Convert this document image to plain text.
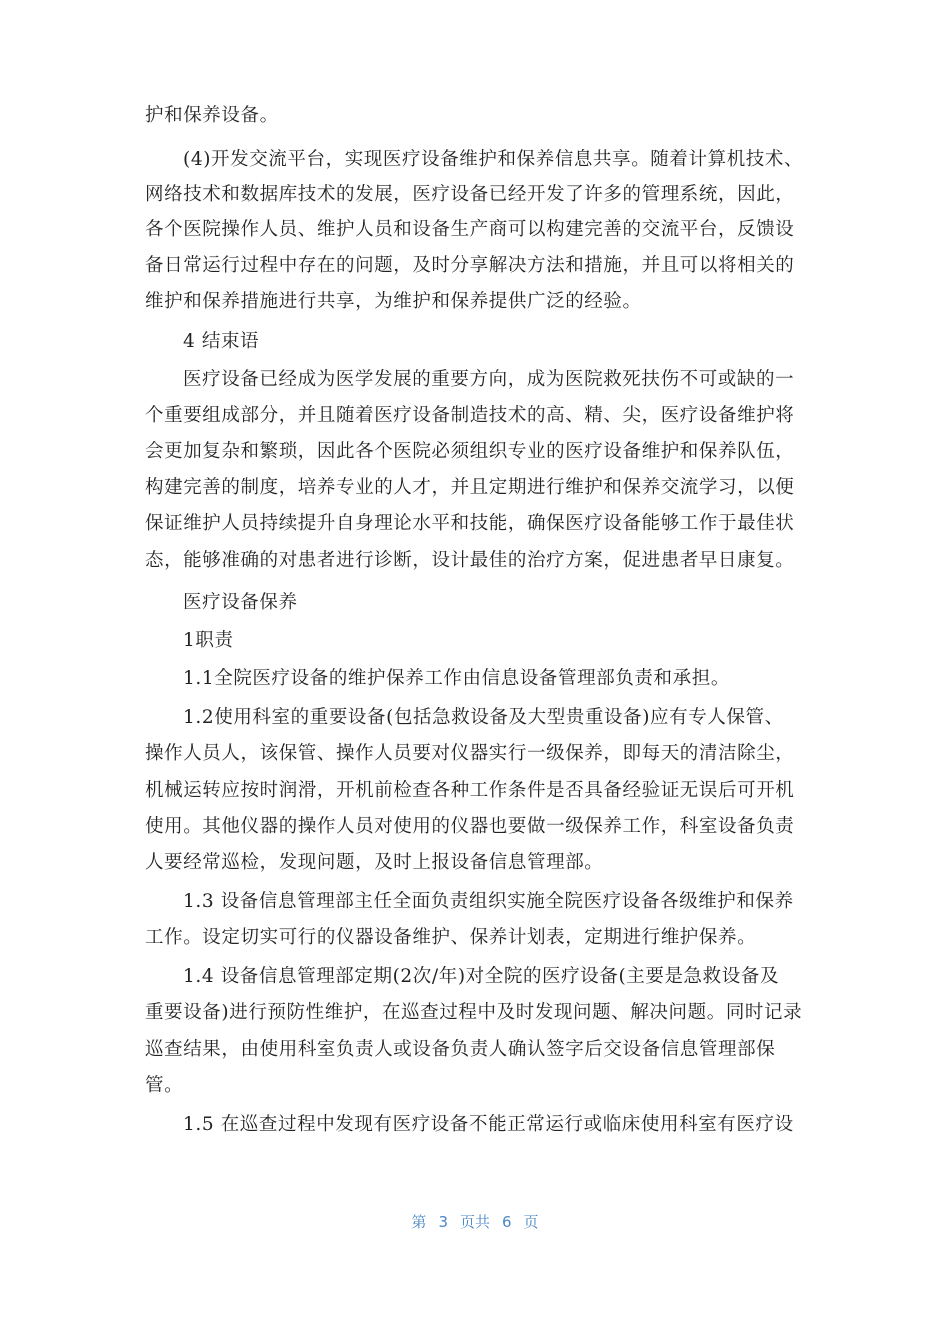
护和保养设备。
(4)开发交流平台，实现医疗设备维护和保养信息共享。随着计算机技术、
网络技术和数据库技术的发展，医疗设备已经开发了许多的管理系统，因此，
各个医院操作人员、维护人员和设备生产商可以构建完善的交流平台，反馈设
备日常运行过程中存在的问题，及时分享解决方法和措施，并且可以将相关的
维护和保养措施进行共享，为维护和保养提供广泛的经验。
4 结束语
医疗设备已经成为医学发展的重要方向，成为医院救死扶伤不可或缺的一
个重要组成部分，并且随着医疗设备制造技术的高、精、尖，医疗设备维护将
会更加复杂和繁琐，因此各个医院必须组织专业的医疗设备维护和保养队伍，
构建完善的制度，培养专业的人才，并且定期进行维护和保养交流学习，以便
保证维护人员持续提升自身理论水平和技能，确保医疗设备能够工作于最佳状
态，能够准确的对患者进行诊断，设计最佳的治疗方案，促进患者早日康复。
医疗设备保养
1职责
1.1全院医疗设备的维护保养工作由信息设备管理部负责和承担。
1.2使用科室的重要设备(包括急救设备及大型贵重设备)应有专人保管、
操作人员人，该保管、操作人员要对仪器实行一级保养，即每天的清洁除尘，
机械运转应按时润滑，开机前检查各种工作条件是否具备经验证无误后可开机
使用。其他仪器的操作人员对使用的仪器也要做一级保养工作，科室设备负责
人要经常巡检，发现问题，及时上报设备信息管理部。
1.3 设备信息管理部主任全面负责组织实施全院医疗设备各级维护和保养
工作。设定切实可行的仪器设备维护、保养计划表，定期进行维护保养。
1.4 设备信息管理部定期(2次/年)对全院的医疗设备(主要是急救设备及
重要设备)进行预防性维护，在巡查过程中及时发现问题、解决问题。同时记录
巡查结果，由使用科室负责人或设备负责人确认签字后交设备信息管理部保
管。
1.5 在巡查过程中发现有医疗设备不能正常运行或临床使用科室有医疗设
第 3 页共 6 页
